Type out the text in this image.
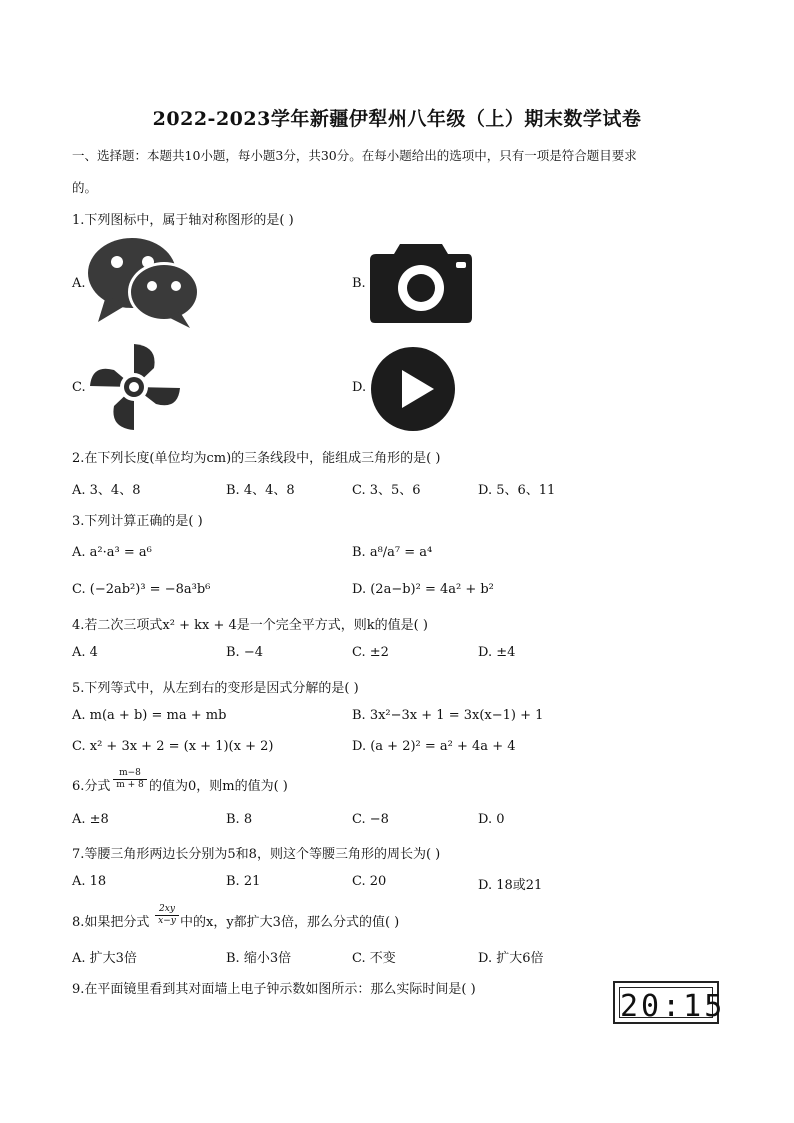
2022-2023学年新疆伊犁州八年级（上）期末数学试卷
一、选择题：本题共10小题，每小题3分，共30分。在每小题给出的选项中，只有一项是符合题目要求
的。
1.下列图标中，属于轴对称图形的是( )
A.	B.
C.	D.
2.在下列长度(单位均为cm)的三条线段中，能组成三角形的是( )
A. 3、4、8	B. 4、4、8	C. 3、5、6	D. 5、6、11
3.下列计算正确的是( )
A. a²·a³ = a⁶	B. a⁸/a⁷ = a⁴
C. (−2ab²)³ = −8a³b⁶	D. (2a−b)² = 4a² + b²
4.若二次三项式x² + kx + 4是一个完全平方式，则k的值是( )
A. 4	B. −4	C. ±2	D. ±4
5.下列等式中，从左到右的变形是因式分解的是( )
A. m(a + b) = ma + mb	B. 3x²−3x + 1 = 3x(x−1) + 1
C. x² + 3x + 2 = (x + 1)(x + 2)	D. (a + 2)² = a² + 4a + 4
6.分式 $\frac{m-8}{m + 8}$ 的值为0，则m的值为( )
A. ±8	B. 8	C. −8	D. 0
7.等腰三角形两边长分别为5和8，则这个等腰三角形的周长为( )
A. 18	B. 21	C. 20	D. 18或21
8.如果把分式 $\frac{2xy}{x-y}$ 中的x，y都扩大3倍，那么分式的值( )
A. 扩大3倍	B. 缩小3倍	C. 不变	D. 扩大6倍
9.在平面镜里看到其对面墙上电子钟示数如图所示：那么实际时间是( )	20:15
